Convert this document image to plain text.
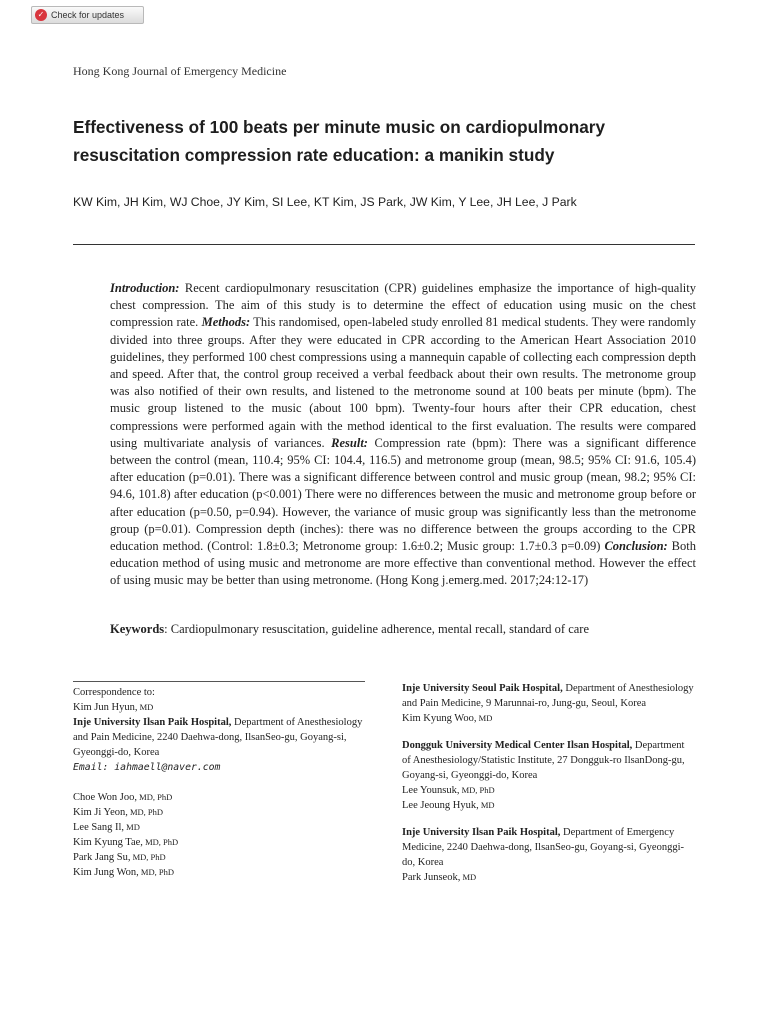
✓ Check for updates
Hong Kong Journal of Emergency Medicine
Effectiveness of 100 beats per minute music on cardiopulmonary resuscitation compression rate education: a manikin study
KW Kim, JH Kim, WJ Choe, JY Kim, SI Lee, KT Kim, JS Park, JW Kim, Y Lee, JH Lee, J Park

Introduction: Recent cardiopulmonary resuscitation (CPR) guidelines emphasize the importance of high-quality chest compression. The aim of this study is to determine the effect of education using music on the chest compression rate. Methods: This randomised, open-labeled study enrolled 81 medical students. They were randomly divided into three groups. After they were educated in CPR according to the American Heart Association 2010 guidelines, they performed 100 chest compressions using a mannequin capable of collecting each compression depth and speed. After that, the control group received a verbal feedback about their own results. The metronome group was also notified of their own results, and listened to the metronome sound at 100 beats per minute (bpm). The music group listened to the music (about 100 bpm). Twenty-four hours after their CPR education, chest compressions were performed again with the method identical to the first evaluation. The results were compared using multivariate analysis of variances. Result: Compression rate (bpm): There was a significant difference between the control (mean, 110.4; 95% CI: 104.4, 116.5) and metronome group (mean, 98.5; 95% CI: 91.6, 105.4) after education (p=0.01). There was a significant difference between control and music group (mean, 98.2; 95% CI: 94.6, 101.8) after education (p<0.001) There were no differences between the music and metronome group before or after education (p=0.50, p=0.94). However, the variance of music group was significantly less than the metronome group (p=0.01). Compression depth (inches): there was no difference between the groups according to the CPR education method. (Control: 1.8±0.3; Metronome group: 1.6±0.2; Music group: 1.7±0.3 p=0.09) Conclusion: Both education method of using music and metronome are more effective than conventional method. However the effect of using music may be better than using metronome. (Hong Kong j.emerg.med. 2017;24:12-17)

Keywords: Cardiopulmonary resuscitation, guideline adherence, mental recall, standard of care
Correspondence to:
Kim Jun Hyun, MD
Inje University Ilsan Paik Hospital, Department of Anesthesiology
and Pain Medicine, 2240 Daehwa-dong, IlsanSeo-gu, Goyang-si,
Gyeonggi-do, Korea
Email: iahmaell@naver.com
Choe Won Joo, MD, PhD
Kim Ji Yeon, MD, PhD
Lee Sang Il, MD
Kim Kyung Tae, MD, PhD
Park Jang Su, MD, PhD
Kim Jung Won, MD, PhD
Inje University Seoul Paik Hospital, Department of Anesthesiology
and Pain Medicine, 9 Marunnai-ro, Jung-gu, Seoul, Korea
Kim Kyung Woo, MD
Dongguk University Medical Center Ilsan Hospital, Department
of Anesthesiology/Statistic Institute, 27 Dongguk-ro IlsanDong-gu,
Goyang-si, Gyeonggi-do, Korea
Lee Younsuk, MD, PhD
Lee Jeoung Hyuk, MD
Inje University Ilsan Paik Hospital, Department of Emergency
Medicine, 2240 Daehwa-dong, IlsanSeo-gu, Goyang-si, Gyeonggi-
do, Korea
Park Junseok, MD
